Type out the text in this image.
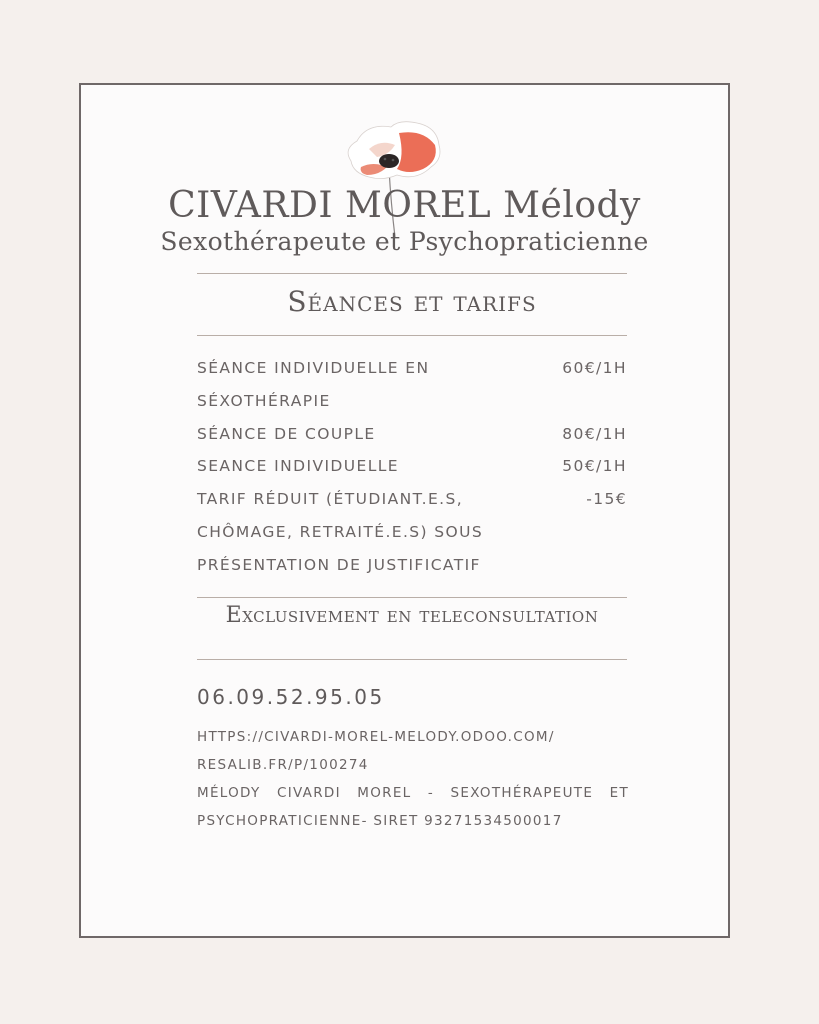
CIVARDI MOREL Mélody
Sexothérapeute et Psychopraticienne
Séances et tarifs
SÉANCE INDIVIDUELLE EN SÉXOTHÉRAPIE
60€/1H
SÉANCE DE COUPLE	80€/1H
SEANCE INDIVIDUELLE	50€/1H
TARIF RÉDUIT (ÉTUDIANT.E.S, CHÔMAGE, RETRAITÉ.E.S) SOUS PRÉSENTATION DE JUSTIFICATIF
-15€
Exclusivement en teleconsultation
06.09.52.95.05
HTTPS://CIVARDI-MOREL-MELODY.ODOO.COM/
RESALIB.FR/P/100274
MÉLODY CIVARDI MOREL - SEXOTHÉRAPEUTE ET PSYCHOPRATICIENNE- SIRET 93271534500017
